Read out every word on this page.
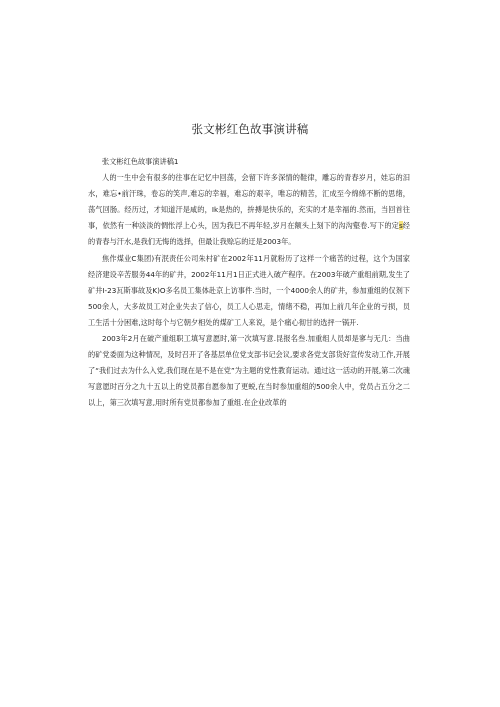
张文彬红色故事演讲稿

张文彬红色故事演讲稿1

人的一生中会有很多的往事在记忆中回荡，会留下许多深情的鞋律，雕忘的青春岁月，娃忘的汨水，难忘•前汗珠，卷忘的笑声,难忘的幸福，难忘的艰辛，唯忘的精苦，汇成至今绵绵不断的思绪，荡气回肠。经历过，才知道汗是咸的，Ik是热的，拚搏是快乐的，充实的才是幸福的.然而，当回首往事，依然有一种淡淡的惆怅浮上心头，因为我巳不再年轻,岁月在额头上刻下的沟沟壑卷.写下的定s经的青春与汗水,是我们无悔的选择，但最让我赊忘的迂是2003年。

焦作煤业C集团)有泯责任公司朱村矿在2002年11月就粉历了这样一个痛苦的过程，这个为国家经济建设辛苦服务44年的矿井，2002年11月1日正式进入破产程序。在2003年破产重组前期,发生了矿井I-23瓦斯事故及K)O多名员工集体赴京上访事件.当时，一个4000余人的矿井，参加重组的仅剂下500余人，大多故员工对企业失去了信心，员工人心思走，情绪不稳，再加上前几年企业的亏损，员工生活十分困难,这时每个与它朝夕相处的煤矿工人来说，是个痛心彻甘的选抨一锅开.

2003年2月在破产重组职工填写意愿时,第一次填写意.昆报名叁.加重组人员却是寥与无几：当曲的矿党委面为这种情况，及时召开了各基层单位党支部书记会议,要求各党支部货好宣传发动工作,开展了“我们过去为什么入党,我们现在是不是在党”为主题的党性教育运动。通过这一活动的开展,第二次魂写意愿时百分之九十五以上的党员都自愿参加了更蜕,在当时参加重组的500余人中，党员占五分之二以上，第三次填写意,用时所有党员都参加了重组.在企业改革的
